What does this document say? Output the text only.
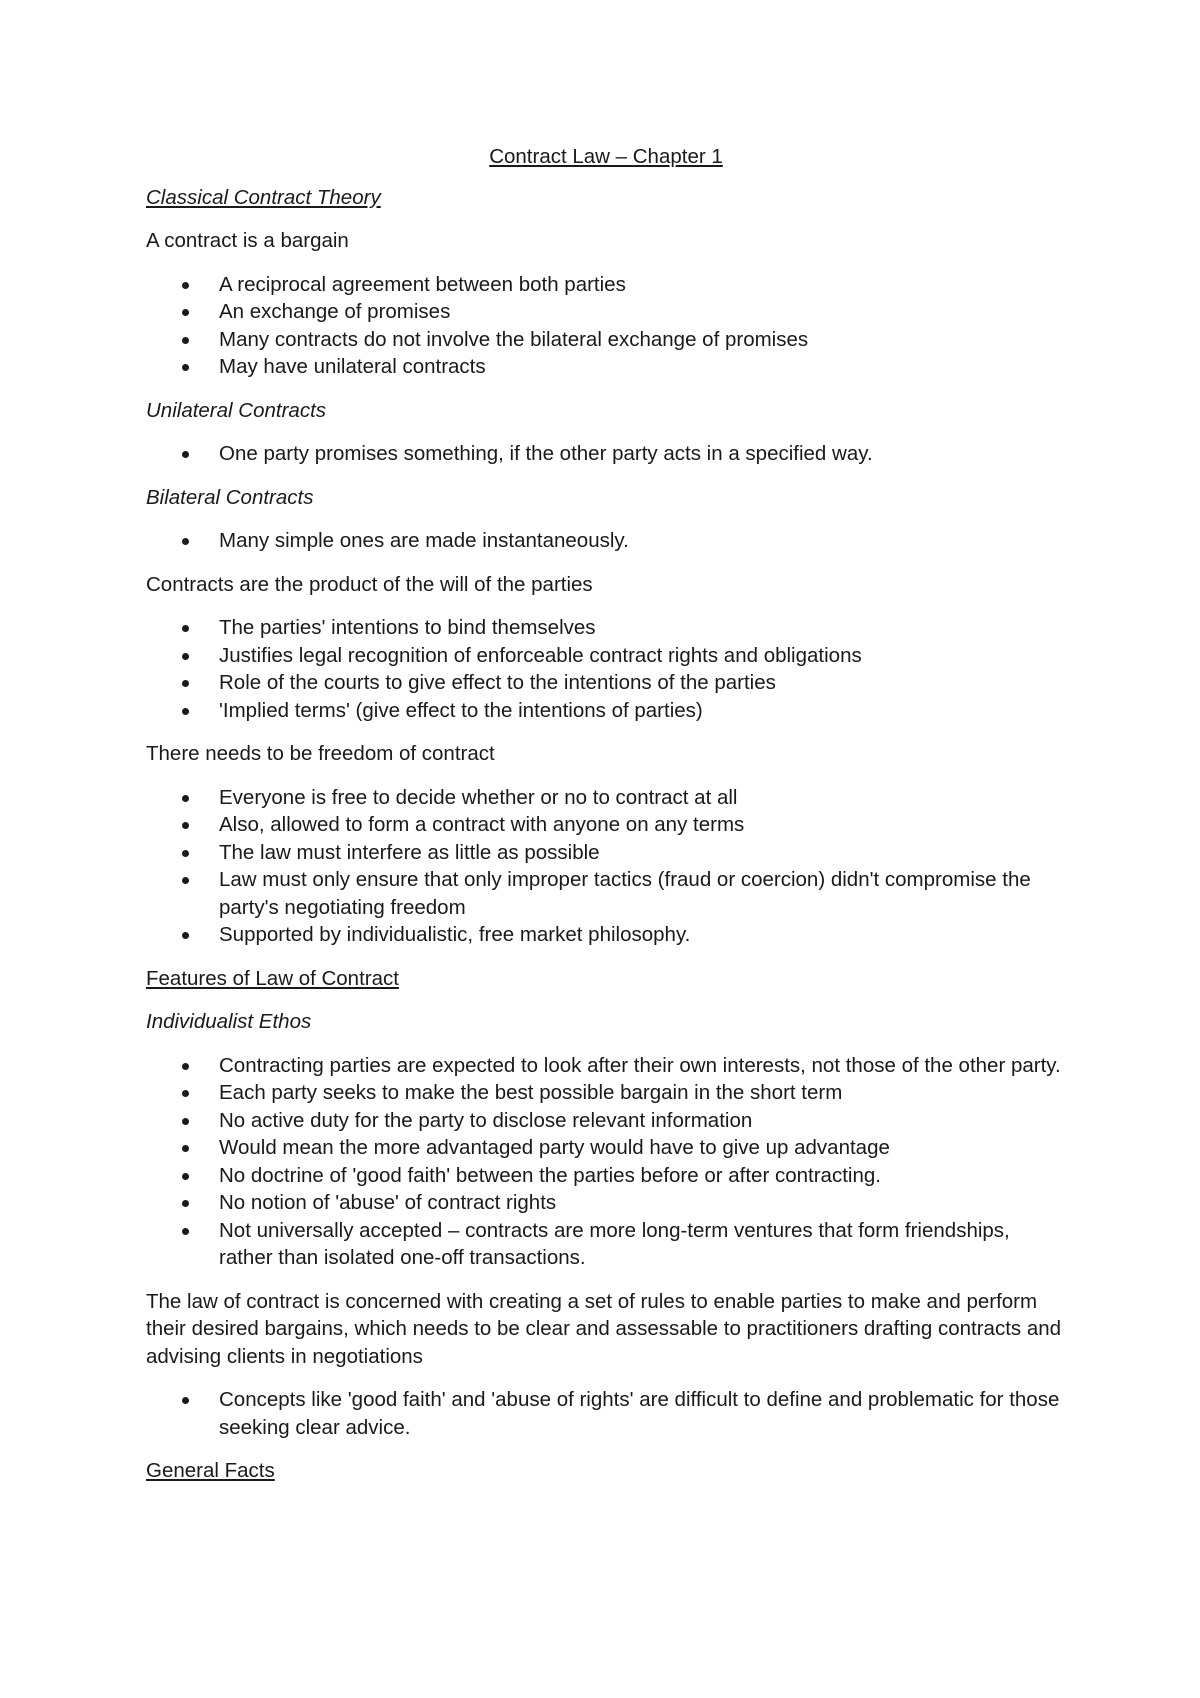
Contract Law – Chapter 1
Classical Contract Theory
A contract is a bargain
A reciprocal agreement between both parties
An exchange of promises
Many contracts do not involve the bilateral exchange of promises
May have unilateral contracts
Unilateral Contracts
One party promises something, if the other party acts in a specified way.
Bilateral Contracts
Many simple ones are made instantaneously.
Contracts are the product of the will of the parties
The parties' intentions to bind themselves
Justifies legal recognition of enforceable contract rights and obligations
Role of the courts to give effect to the intentions of the parties
'Implied terms' (give effect to the intentions of parties)
There needs to be freedom of contract
Everyone is free to decide whether or no to contract at all
Also, allowed to form a contract with anyone on any terms
The law must interfere as little as possible
Law must only ensure that only improper tactics (fraud or coercion) didn't compromise the party's negotiating freedom
Supported by individualistic, free market philosophy.
Features of Law of Contract
Individualist Ethos
Contracting parties are expected to look after their own interests, not those of the other party.
Each party seeks to make the best possible bargain in the short term
No active duty for the party to disclose relevant information
Would mean the more advantaged party would have to give up advantage
No doctrine of 'good faith' between the parties before or after contracting.
No notion of 'abuse' of contract rights
Not universally accepted – contracts are more long-term ventures that form friendships, rather than isolated one-off transactions.
The law of contract is concerned with creating a set of rules to enable parties to make and perform their desired bargains, which needs to be clear and assessable to practitioners drafting contracts and advising clients in negotiations
Concepts like 'good faith' and 'abuse of rights' are difficult to define and problematic for those seeking clear advice.
General Facts
